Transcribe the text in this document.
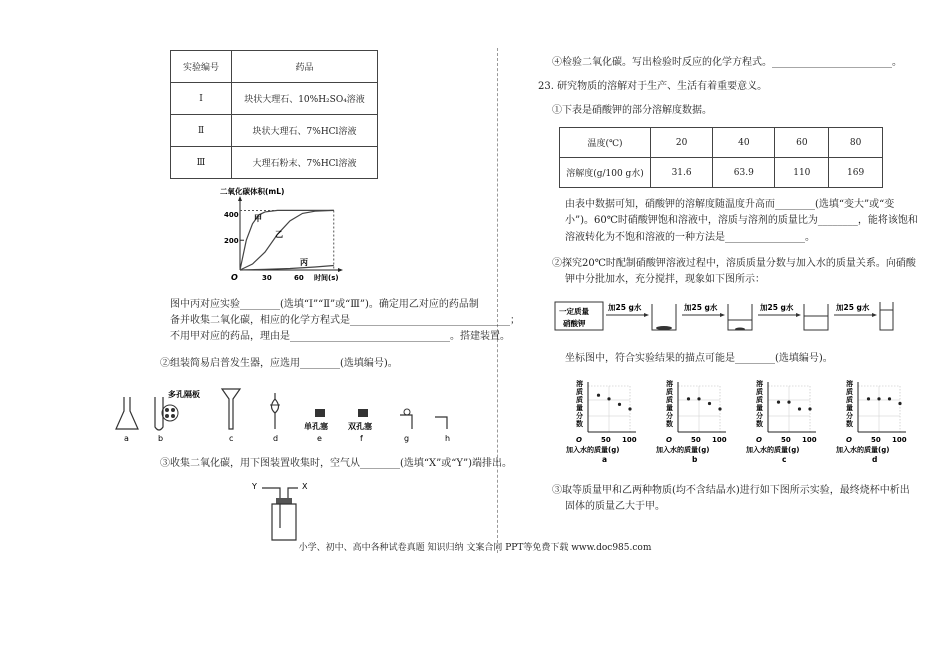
实验编号	药品
Ⅰ	块状大理石、10%H₂SO₄溶液
Ⅱ	块状大理石、7%HCl溶液
Ⅲ	大理石粉末、7%HCl溶液
二氧化碳体积(mL)
O
400
200
30	60 时间(s)
甲
乙
丙
图中丙对应实验________(选填“Ⅰ”“Ⅱ”或“Ⅲ”)。确定用乙对应的药品制
备并收集二氧化碳，相应的化学方程式是________________________________；
不用甲对应的药品，理由是________________________________。搭建装置。
②组装简易启普发生器，应选用________(选填编号)。
多孔隔板
单孔塞	双孔塞
a	b	c	d	e	f	g	h
③收集二氧化碳，用下图装置收集时，空气从________(选填“X”或“Y”)端排出。
Y	X
④检验二氧化碳。写出检验时反应的化学方程式。________________________。
23. 研究物质的溶解对于生产、生活有着重要意义。
①下表是硝酸钾的部分溶解度数据。
温度(℃)	20	40	60	80
溶解度(g/100 g水)	31.6	63.9	110	169
由表中数据可知，硝酸钾的溶解度随温度升高而________(选填“变大”或“变
小”)。60℃时硝酸钾饱和溶液中，溶质与溶剂的质量比为________，能将该饱和
溶液转化为不饱和溶液的一种方法是________________。
②探究20℃时配制硝酸钾溶液过程中，溶质质量分数与加入水的质量关系。向硝酸
钾中分批加水，充分搅拌，现象如下图所示：
一定质量
硝酸钾
加25 g水	加25 g水	加25 g水	加25 g水
坐标图中，符合实验结果的描点可能是________(选填编号)。
溶
质
质
量
分
数
O	50 100
加入水的质量(g)
a
溶
质
质
量
分
数
O	50 100
加入水的质量(g)
b
溶
质
质
量
分
数
O	50 100
加入水的质量(g)
c
溶
质
质
量
分
数
O	50 100
加入水的质量(g)
d
③取等质量甲和乙两种物质(均不含结晶水)进行如下图所示实验，最终烧杯中析出
固体的质量乙大于甲。
小学、初中、高中各种试卷真题 知识归纳 文案合同 PPT等免费下载 www.doc985.com
